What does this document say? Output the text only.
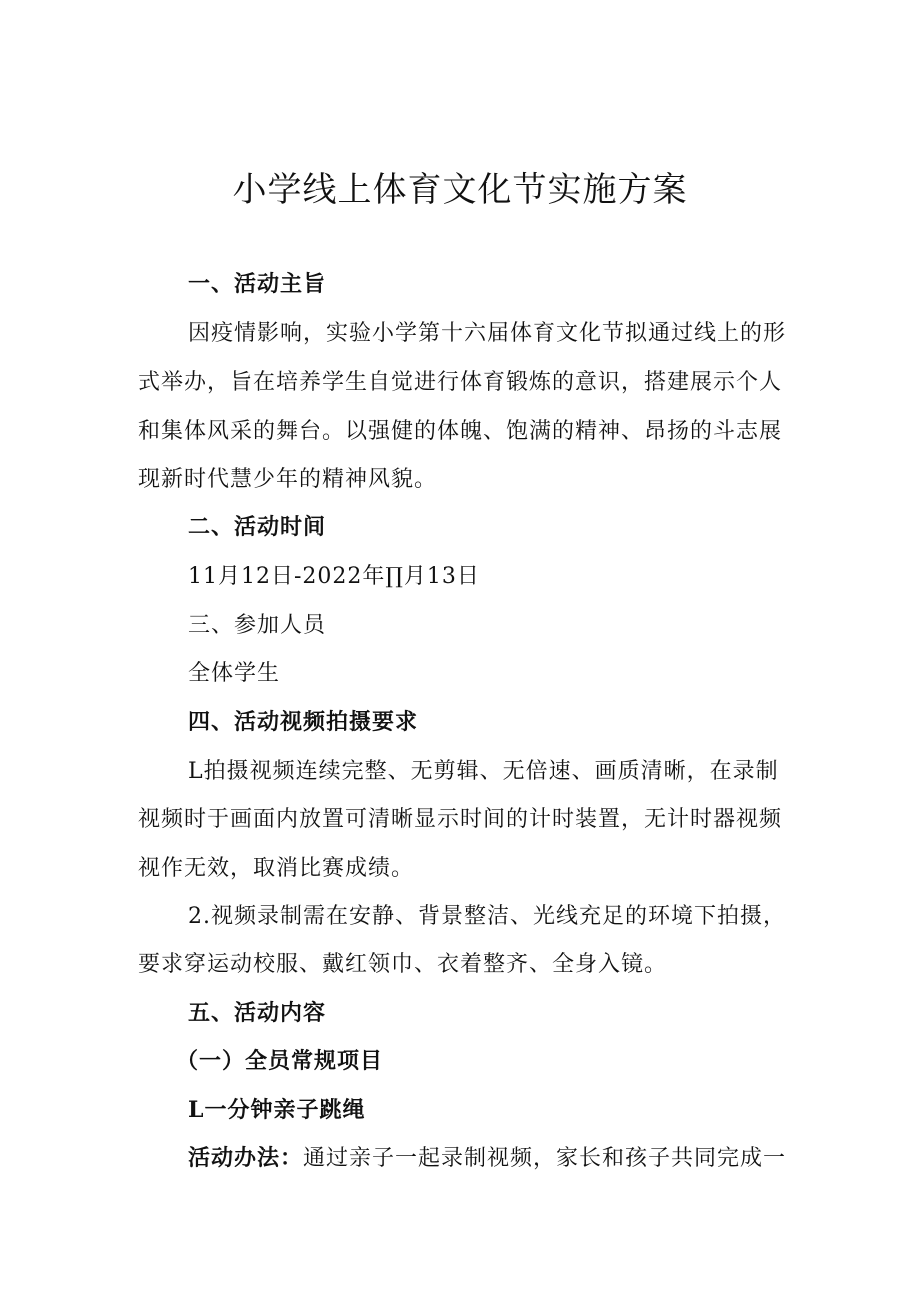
小学线上体育文化节实施方案
一、活动主旨
因疫情影响，实验小学第十六届体育文化节拟通过线上的形
式举办，旨在培养学生自觉进行体育锻炼的意识，搭建展示个人
和集体风采的舞台。以强健的体魄、饱满的精神、昂扬的斗志展
现新时代慧少年的精神风貌。
二、活动时间
11月12日-2022年∏月13日
三、参加人员
全体学生
四、活动视频拍摄要求
L拍摄视频连续完整、无剪辑、无倍速、画质清晰，在录制
视频时于画面内放置可清晰显示时间的计时装置，无计时器视频
视作无效，取消比赛成绩。
2.视频录制需在安静、背景整洁、光线充足的环境下拍摄，
要求穿运动校服、戴红领巾、衣着整齐、全身入镜。
五、活动内容
（一）全员常规项目
L一分钟亲子跳绳
活动办法：通过亲子一起录制视频，家长和孩子共同完成一
